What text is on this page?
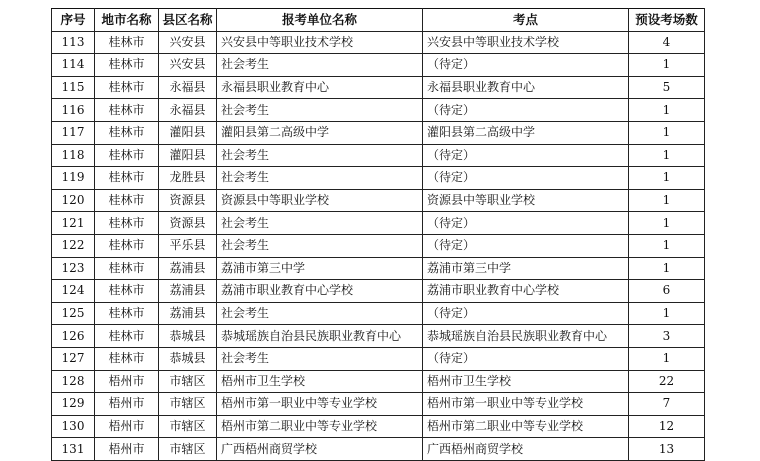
序号	地市名称	县区名称	报考单位名称	考点	预设考场数
113	桂林市	兴安县	兴安县中等职业技术学校	兴安县中等职业技术学校	4
114	桂林市	兴安县	社会考生	（待定）	1
115	桂林市	永福县	永福县职业教育中心	永福县职业教育中心	5
116	桂林市	永福县	社会考生	（待定）	1
117	桂林市	灌阳县	灌阳县第二高级中学	灌阳县第二高级中学	1
118	桂林市	灌阳县	社会考生	（待定）	1
119	桂林市	龙胜县	社会考生	（待定）	1
120	桂林市	资源县	资源县中等职业学校	资源县中等职业学校	1
121	桂林市	资源县	社会考生	（待定）	1
122	桂林市	平乐县	社会考生	（待定）	1
123	桂林市	荔浦县	荔浦市第三中学	荔浦市第三中学	1
124	桂林市	荔浦县	荔浦市职业教育中心学校	荔浦市职业教育中心学校	6
125	桂林市	荔浦县	社会考生	（待定）	1
126	桂林市	恭城县	恭城瑶族自治县民族职业教育中心	恭城瑶族自治县民族职业教育中心	3
127	桂林市	恭城县	社会考生	（待定）	1
128	梧州市	市辖区	梧州市卫生学校	梧州市卫生学校	22
129	梧州市	市辖区	梧州市第一职业中等专业学校	梧州市第一职业中等专业学校	7
130	梧州市	市辖区	梧州市第二职业中等专业学校	梧州市第二职业中等专业学校	12
131	梧州市	市辖区	广西梧州商贸学校	广西梧州商贸学校	13
